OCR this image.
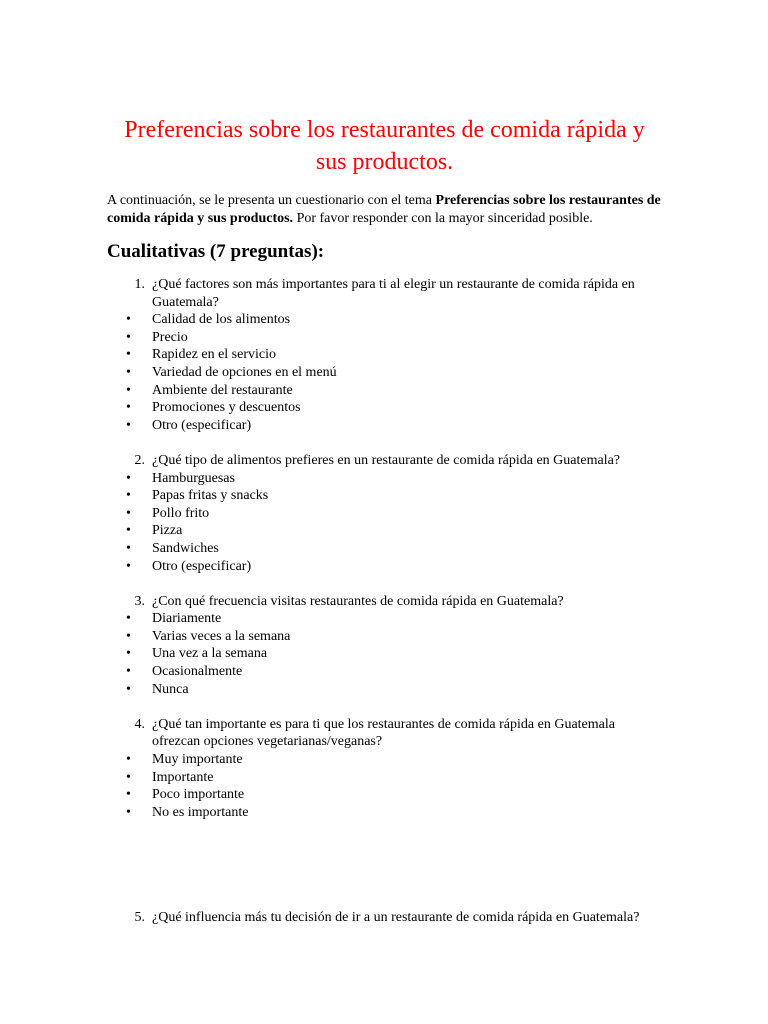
Preferencias sobre los restaurantes de comida rápida y sus productos.

A continuación, se le presenta un cuestionario con el tema Preferencias sobre los restaurantes de comida rápida y sus productos. Por favor responder con la mayor sinceridad posible.

Cualitativas (7 preguntas):
1. ¿Qué factores son más importantes para ti al elegir un restaurante de comida rápida en Guatemala?
•	Calidad de los alimentos
•	Precio
•	Rapidez en el servicio
•	Variedad de opciones en el menú
•	Ambiente del restaurante
•	Promociones y descuentos
•	Otro (especificar)
2. ¿Qué tipo de alimentos prefieres en un restaurante de comida rápida en Guatemala?
•	Hamburguesas
•	Papas fritas y snacks
•	Pollo frito
•	Pizza
•	Sandwiches
•	Otro (especificar)
3. ¿Con qué frecuencia visitas restaurantes de comida rápida en Guatemala?
•	Diariamente
•	Varias veces a la semana
•	Una vez a la semana
•	Ocasionalmente
•	Nunca
4. ¿Qué tan importante es para ti que los restaurantes de comida rápida en Guatemala ofrezcan opciones vegetarianas/veganas?
•	Muy importante
•	Importante
•	Poco importante
•	No es importante
5. ¿Qué influencia más tu decisión de ir a un restaurante de comida rápida en Guatemala?
